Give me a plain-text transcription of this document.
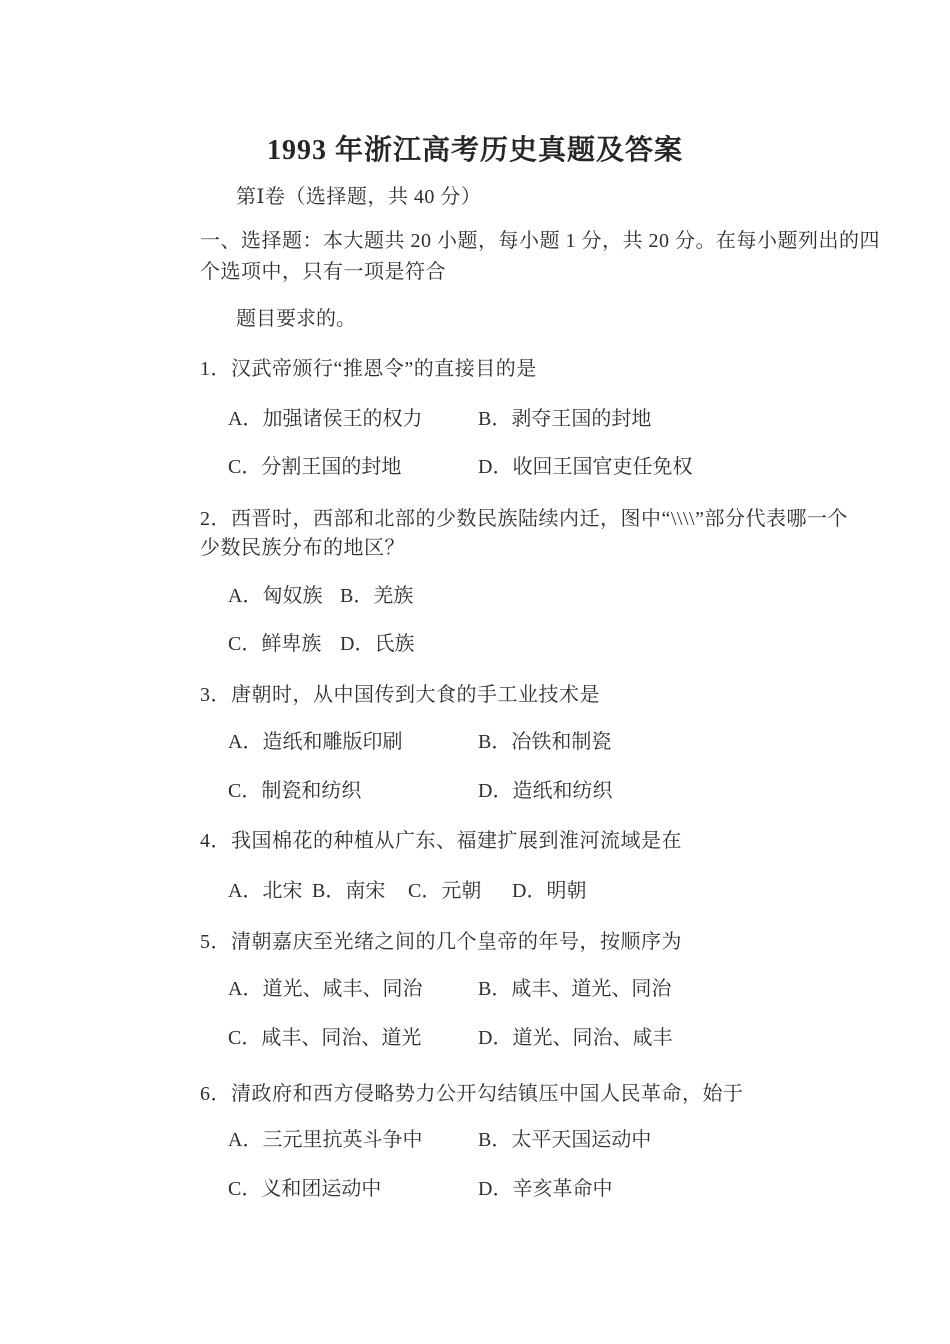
1993 年浙江高考历史真题及答案
第Ⅰ卷（选择题，共 40 分）
一、选择题：本大题共 20 小题，每小题 1 分，共 20 分。在每小题列出的四个选项中，只有一项是符合
题目要求的。
1．汉武帝颁行“推恩令”的直接目的是
A．加强诸侯王的权力	B．剥夺王国的封地
C．分割王国的封地	D．收回王国官吏任免权
2．西晋时，西部和北部的少数民族陆续内迁，图中“\\\\”部分代表哪一个少数民族分布的地区？
A．匈奴族 B．羌族
C．鲜卑族 D．氏族
3．唐朝时，从中国传到大食的手工业技术是
A．造纸和雕版印刷	B．冶铁和制瓷
C．制瓷和纺织	D．造纸和纺织
4．我国棉花的种植从广东、福建扩展到淮河流域是在
A．北宋 B．南宋 C．元朝 D．明朝
5．清朝嘉庆至光绪之间的几个皇帝的年号，按顺序为
A．道光、咸丰、同治	B．咸丰、道光、同治
C．咸丰、同治、道光	D．道光、同治、咸丰
6．清政府和西方侵略势力公开勾结镇压中国人民革命，始于
A．三元里抗英斗争中	B．太平天国运动中
C．义和团运动中	D．辛亥革命中
